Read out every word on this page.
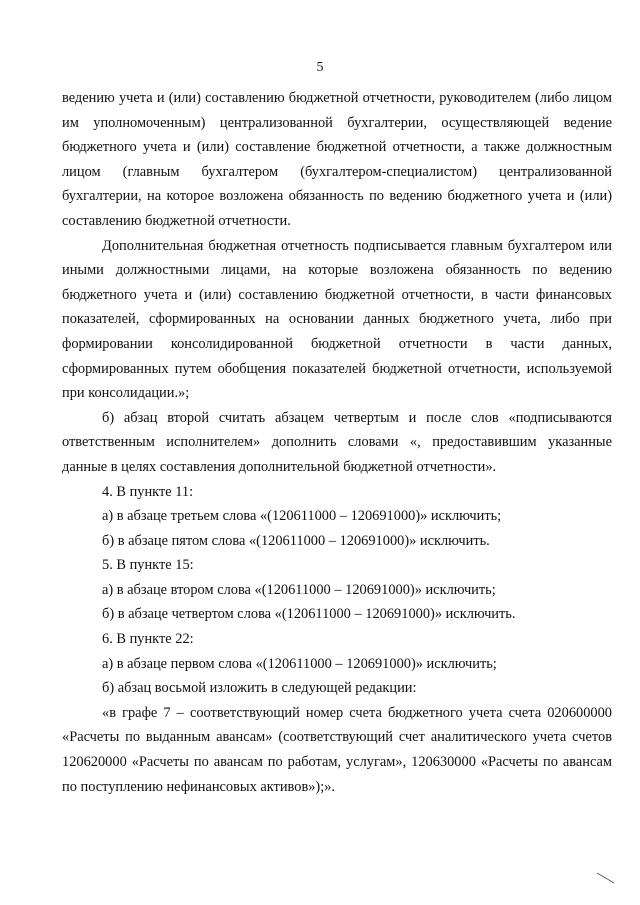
5

ведению учета и (или) составлению бюджетной отчетности, руководителем (либо лицом им уполномоченным) централизованной бухгалтерии, осуществляющей ведение бюджетного учета и (или) составление бюджетной отчетности, а также должностным лицом (главным бухгалтером (бухгалтером-специалистом) централизованной бухгалтерии, на которое возложена обязанность по ведению бюджетного учета и (или) составлению бюджетной отчетности.

Дополнительная бюджетная отчетность подписывается главным бухгалтером или иными должностными лицами, на которые возложена обязанность по ведению бюджетного учета и (или) составлению бюджетной отчетности, в части финансовых показателей, сформированных на основании данных бюджетного учета, либо при формировании консолидированной бюджетной отчетности в части данных, сформированных путем обобщения показателей бюджетной отчетности, используемой при консолидации.»;

б) абзац второй считать абзацем четвертым и после слов «подписываются ответственным исполнителем» дополнить словами «, предоставившим указанные данные в целях составления дополнительной бюджетной отчетности».

4. В пункте 11:

а) в абзаце третьем слова «(120611000 – 120691000)» исключить;

б) в абзаце пятом слова «(120611000 – 120691000)» исключить.

5. В пункте 15:

а) в абзаце втором слова «(120611000 – 120691000)» исключить;

б) в абзаце четвертом слова «(120611000 – 120691000)» исключить.

6. В пункте 22:

а) в абзаце первом слова «(120611000 – 120691000)» исключить;

б) абзац восьмой изложить в следующей редакции:

«в графе 7 – соответствующий номер счета бюджетного учета счета 020600000 «Расчеты по выданным авансам» (соответствующий счет аналитического учета счетов 120620000 «Расчеты по авансам по работам, услугам», 120630000 «Расчеты по авансам по поступлению нефинансовых активов»);».
